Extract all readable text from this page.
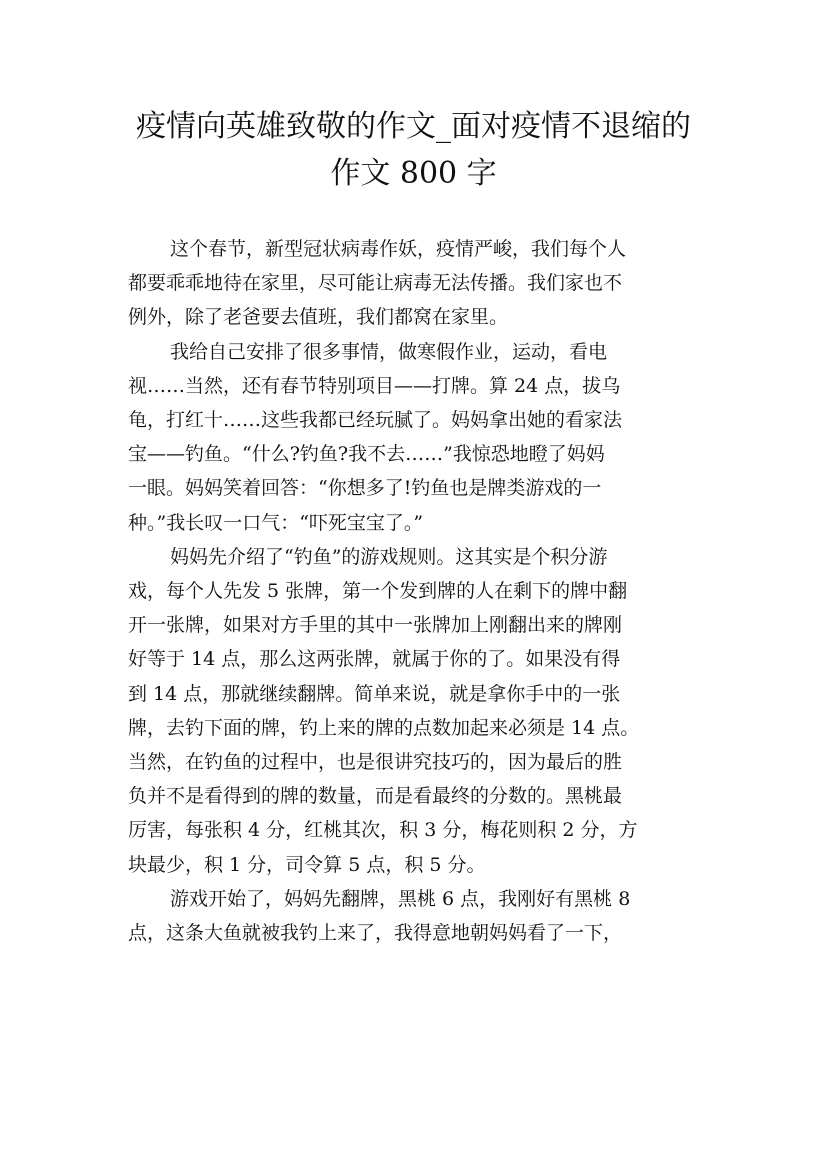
疫情向英雄致敬的作文_面对疫情不退缩的
作文 800 字

这个春节，新型冠状病毒作妖，疫情严峻，我们每个人
都要乖乖地待在家里，尽可能让病毒无法传播。我们家也不
例外，除了老爸要去值班，我们都窝在家里。

我给自己安排了很多事情，做寒假作业，运动，看电
视……当然，还有春节特别项目——打牌。算 24 点，拔乌
龟，打红十……这些我都已经玩腻了。妈妈拿出她的看家法
宝——钓鱼。“什么?钓鱼?我不去……”我惊恐地瞪了妈妈
一眼。妈妈笑着回答：“你想多了!钓鱼也是牌类游戏的一
种。”我长叹一口气：“吓死宝宝了。”

妈妈先介绍了“钓鱼”的游戏规则。这其实是个积分游
戏，每个人先发 5 张牌，第一个发到牌的人在剩下的牌中翻
开一张牌，如果对方手里的其中一张牌加上刚翻出来的牌刚
好等于 14 点，那么这两张牌，就属于你的了。如果没有得
到 14 点，那就继续翻牌。简单来说，就是拿你手中的一张
牌，去钓下面的牌，钓上来的牌的点数加起来必须是 14 点。
当然，在钓鱼的过程中，也是很讲究技巧的，因为最后的胜
负并不是看得到的牌的数量，而是看最终的分数的。黑桃最
厉害，每张积 4 分，红桃其次，积 3 分，梅花则积 2 分，方
块最少，积 1 分，司令算 5 点，积 5 分。

游戏开始了，妈妈先翻牌，黑桃 6 点，我刚好有黑桃 8
点，这条大鱼就被我钓上来了，我得意地朝妈妈看了一下，
